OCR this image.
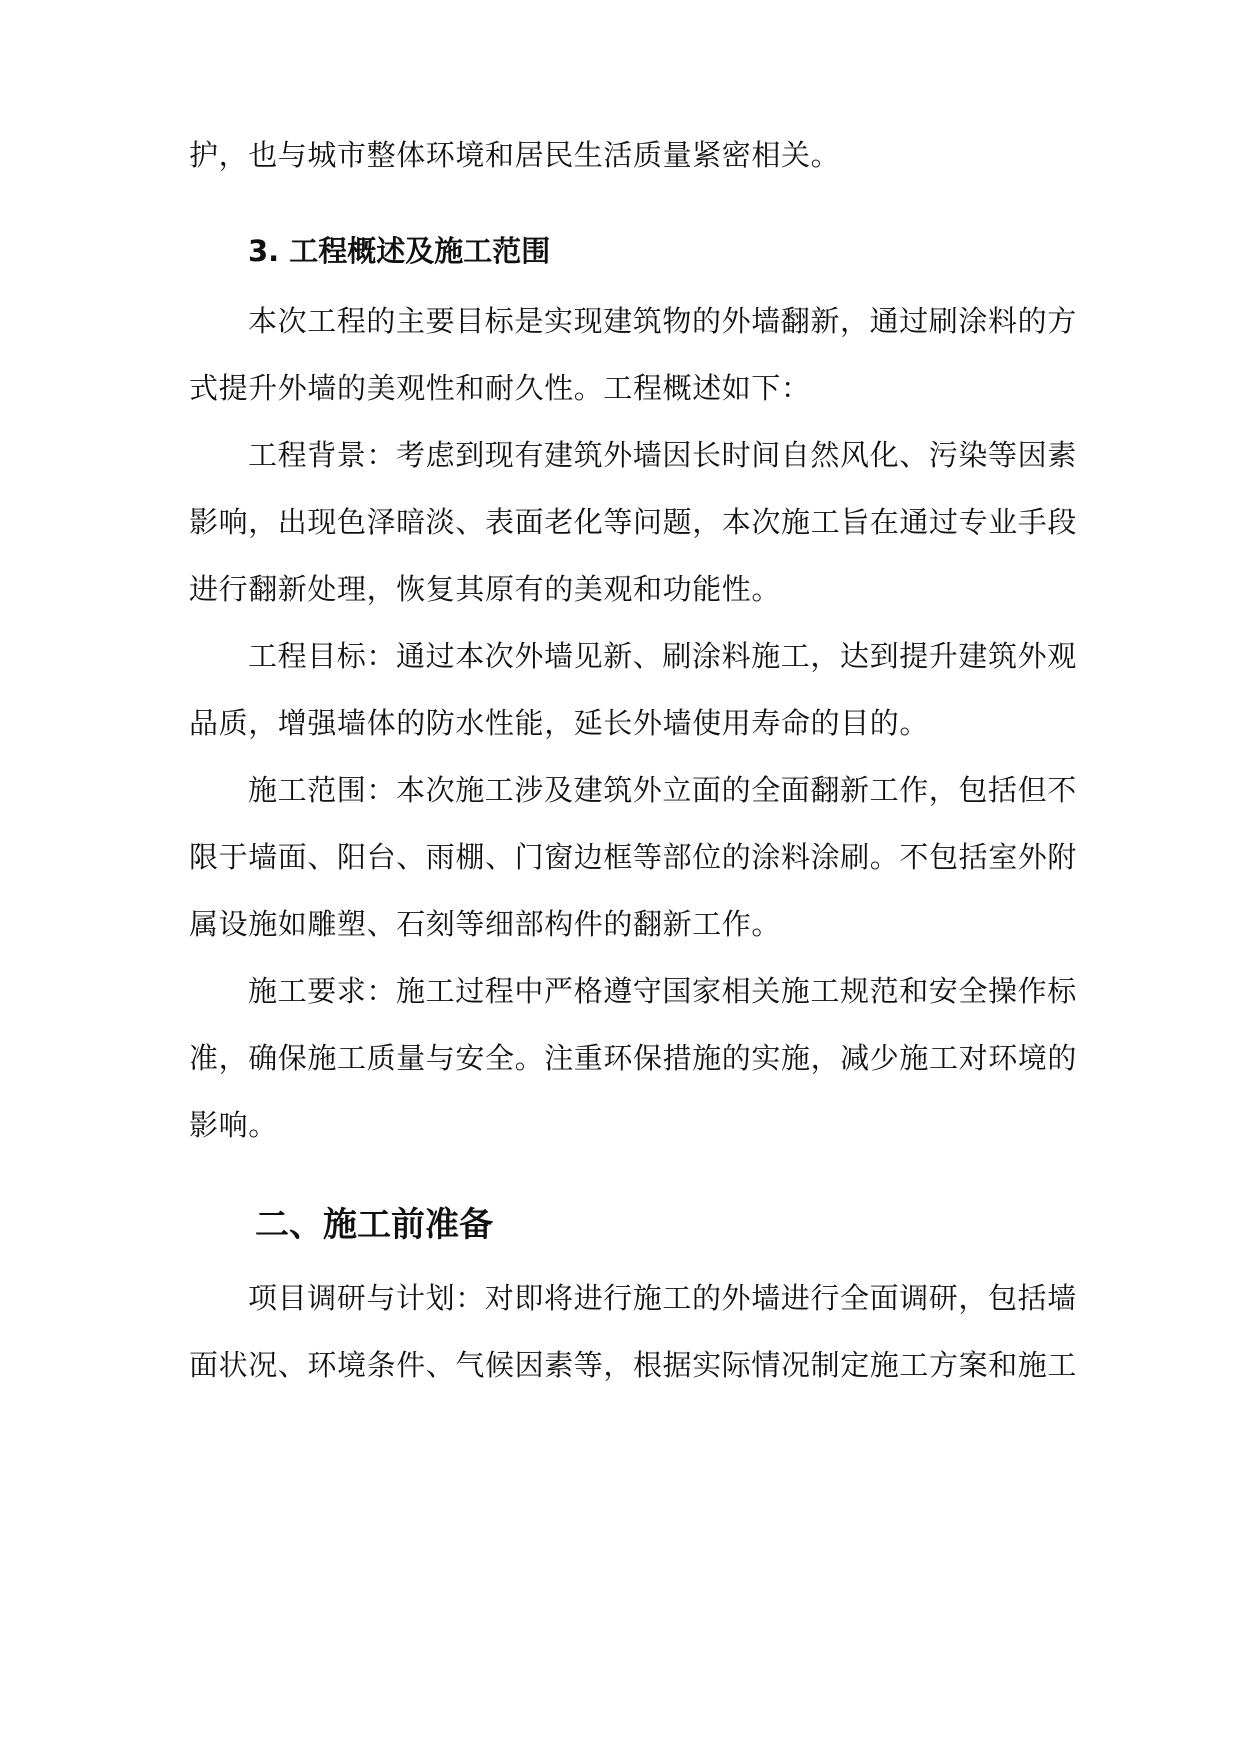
护，也与城市整体环境和居民生活质量紧密相关。
3. 工程概述及施工范围
本次工程的主要目标是实现建筑物的外墙翻新，通过刷涂料的方
式提升外墙的美观性和耐久性。工程概述如下：
工程背景：考虑到现有建筑外墙因长时间自然风化、污染等因素
影响，出现色泽暗淡、表面老化等问题，本次施工旨在通过专业手段
进行翻新处理，恢复其原有的美观和功能性。
工程目标：通过本次外墙见新、刷涂料施工，达到提升建筑外观
品质，增强墙体的防水性能，延长外墙使用寿命的目的。
施工范围：本次施工涉及建筑外立面的全面翻新工作，包括但不
限于墙面、阳台、雨棚、门窗边框等部位的涂料涂刷。不包括室外附
属设施如雕塑、石刻等细部构件的翻新工作。
施工要求：施工过程中严格遵守国家相关施工规范和安全操作标
准，确保施工质量与安全。注重环保措施的实施，减少施工对环境的
影响。
二、施工前准备
项目调研与计划：对即将进行施工的外墙进行全面调研，包括墙
面状况、环境条件、气候因素等，根据实际情况制定施工方案和施工
